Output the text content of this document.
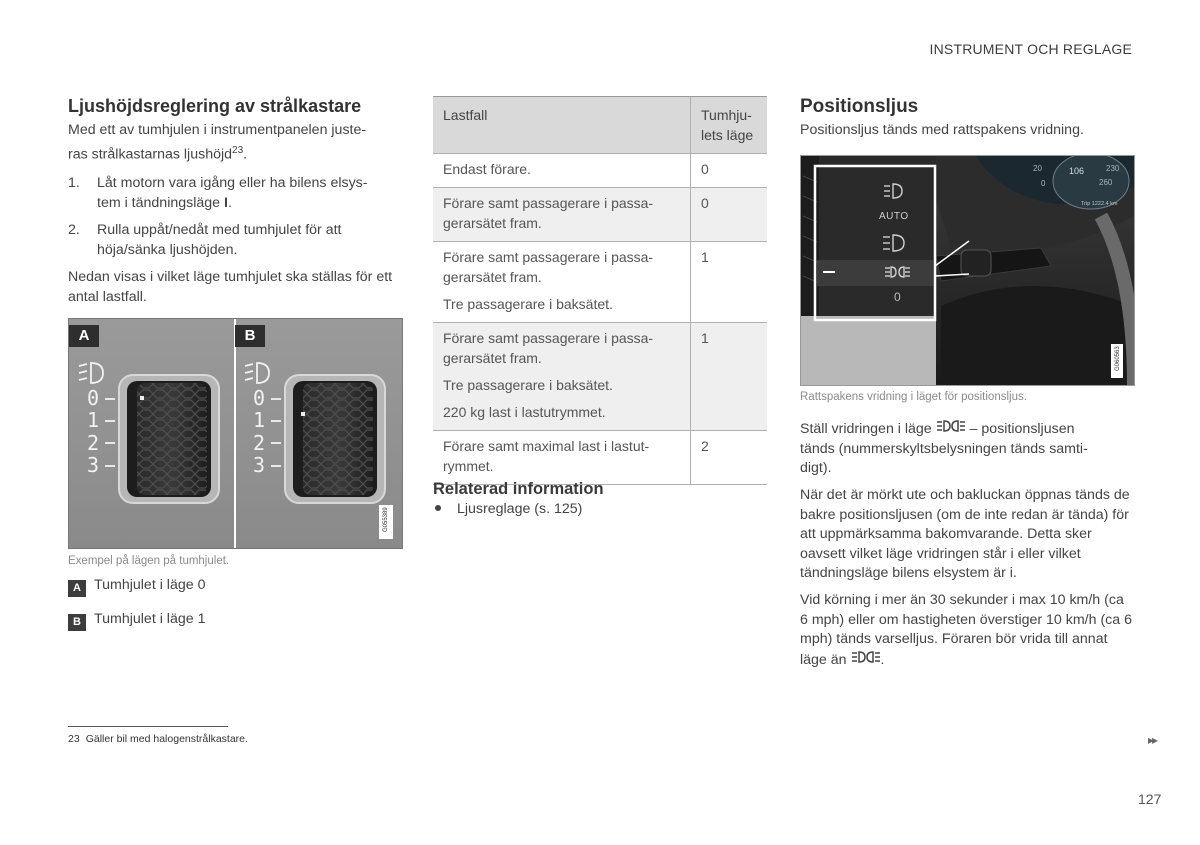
INSTRUMENT OCH REGLAGE
Ljushöjdsreglering av strålkastare
Med ett av tumhjulen i instrumentpanelen juste-
ras strålkastarnas ljushöjd$^{23}$.
1. Låt motorn vara igång eller ha bilens elsys-
tem i tändningsläge I.
2. Rulla uppåt/nedåt med tumhjulet för att
höja/sänka ljushöjden.

Nedan visas i vilket läge tumhjulet ska ställas för ett antal lastfall.

A	B
0
1
2
3
0
1
2
3
G055389
Exempel på lägen på tumhjulet.
A Tumhjulet i läge 0
B Tumhjulet i läge 1
Lastfall	Tumhju-
lets läge

Endast förare.	0

Förare samt passagerare i passa-gerarsätet fram.	0

Förare samt passagerare i passa-gerarsätet fram.
Tre passagerare i baksätet.	1

Förare samt passagerare i passa-gerarsätet fram.
Tre passagerare i baksätet.
220 kg last i lastutrymmet.	1

Förare samt maximal last i lastut-rymmet.	2
Relaterad information
Ljusreglage (s. 125)
Positionsljus

Positionsljus tänds med rattspakens vridning.

AUTO
0
20
0
106
260
230
Trip 1222.4 km
G060563
Rattspakens vridning i läget för positionsljus.
Ställ vridringen i läge  – positionsljusen
tänds (nummerskyltsbelysningen tänds samti-
digt).

När det är mörkt ute och bakluckan öppnas tänds de bakre positionsljusen (om de inte redan är tända) för att uppmärksamma bakomvarande. Detta sker oavsett vilket läge vridringen står i eller vilket tändningsläge bilens elsystem är i.

Vid körning i mer än 30 sekunder i max 10 km/h (ca 6 mph) eller om hastigheten överstiger 10 km/h (ca 6 mph) tänds varselljus. Föraren bör vrida till annat läge än .
23 Gäller bil med halogenstrålkastare.	▸▸
127
